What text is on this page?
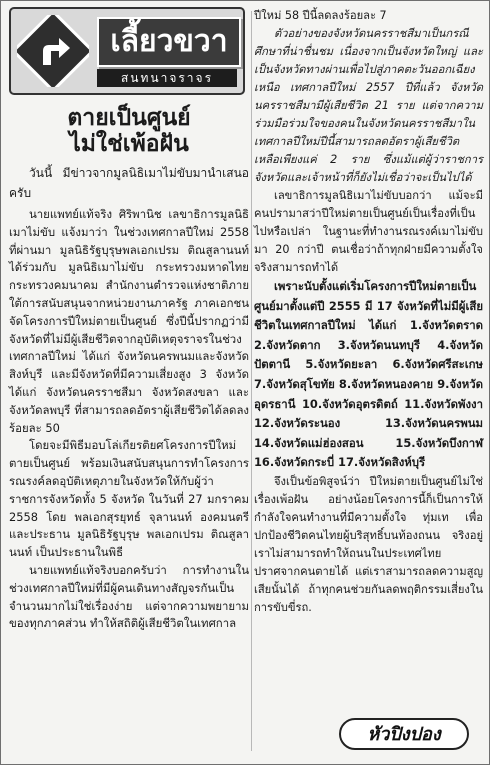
เลี้ยวขวา
สนทนาจราจร
ตายเป็นศูนย์
ไม่ใช่เพ้อฝัน

วันนี้ มีข่าวจากมูลนิธิเมาไม่ขับมานำเสนอครับ

นายแพทย์แท้จริง ศิริพานิช เลขาธิการมูลนิธิเมาไม่ขับ แจ้งมาว่า ในช่วงเทศกาลปีใหม่ 2558 ที่ผ่านมา มูลนิธิรัฐบุรุษพลเอกเปรม ติณสูลานนท์ ได้ร่วมกับ มูลนิธิเมาไม่ขับ กระทรวงมหาดไทย กระทรวงคมนาคม สำนักงานตำรวจแห่งชาติภายใต้การสนับสนุนจากหน่วยงานภาครัฐ ภาคเอกชน จัดโครงการปีใหม่ตายเป็นศูนย์ ซึ่งปีนี้ปรากฏว่ามีจังหวัดที่ไม่มีผู้เสียชีวิตจากอุบัติเหตุจราจรในช่วงเทศกาลปีใหม่ ได้แก่ จังหวัดนครพนมและจังหวัดสิงห์บุรี และมีจังหวัดที่มีความเสี่ยงสูง 3 จังหวัด ได้แก่ จังหวัดนครราชสีมา จังหวัดสงขลา และจังหวัดลพบุรี ที่สามารถลดอัตราผู้เสียชีวิตได้ลดลงร้อยละ 50

โดยจะมีพิธีมอบโล่เกียรติยศโครงการปีใหม่ตายเป็นศูนย์ พร้อมเงินสนับสนุนการทำโครงการรณรงค์ลดอุบัติเหตุภายในจังหวัดให้กับผู้ว่าราชการจังหวัดทั้ง 5 จังหวัด ในวันที่ 27 มกราคม 2558 โดย พลเอกสุรยุทธ์ จุลานนท์ องคมนตรี และประธาน มูลนิธิรัฐบุรุษ พลเอกเปรม ติณสูลานนท์ เป็นประธานในพิธี

นายแพทย์แท้จริงบอกครับว่า การทำงานในช่วงเทศกาลปีใหม่ที่มีผู้คนเดินทางสัญจรกันเป็นจำนวนมากไม่ใช่เรื่องง่าย แต่จากความพยายามของทุกภาคส่วน ทำให้สถิติผู้เสียชีวิตในเทศกาล

ปีใหม่ 58 ปีนี้ลดลงร้อยละ 7

ตัวอย่างของจังหวัดนครราชสีมาเป็นกรณีศึกษาที่น่าชื่นชม เนื่องจากเป็นจังหวัดใหญ่ และเป็นจังหวัดทางผ่านเพื่อไปสู่ภาคตะวันออกเฉียงเหนือ เทศกาลปีใหม่ 2557 ปีที่แล้ว จังหวัดนครราชสีมามีผู้เสียชีวิต 21 ราย แต่จากความร่วมมือร่วมใจของคนในจังหวัดนครราชสีมาในเทศกาลปีใหม่ปีนี้สามารถลดอัตราผู้เสียชีวิตเหลือเพียงแค่ 2 ราย ซึ่งแม้แต่ผู้ว่าราชการจังหวัดและเจ้าหน้าที่ก็ยังไม่เชื่อว่าจะเป็นไปได้

เลขาธิการมูลนิธิเมาไม่ขับบอกว่า แม้จะมีคนปรามาสว่าปีใหม่ตายเป็นศูนย์เป็นเรื่องที่เป็นไปหรือเปล่า ในฐานะที่ทำงานรณรงค์เมาไม่ขับมา 20 กว่าปี ตนเชื่อว่าถ้าทุกฝ่ายมีความตั้งใจจริงสามารถทำได้

เพราะนับตั้งแต่เริ่มโครงการปีใหม่ตายเป็นศูนย์มาตั้งแต่ปี 2555 มี 17 จังหวัดที่ไม่มีผู้เสียชีวิตในเทศกาลปีใหม่ ได้แก่ 1.จังหวัดตราด 2.จังหวัดตาก 3.จังหวัดนนทบุรี 4.จังหวัดปัตตานี 5.จังหวัดยะลา 6.จังหวัดศรีสะเกษ 7.จังหวัดสุโขทัย 8.จังหวัดหนองคาย 9.จังหวัดอุดรธานี 10.จังหวัดอุตรดิตถ์ 11.จังหวัดพังงา 12.จังหวัดระนอง 13.จังหวัดนครพนม 14.จังหวัดแม่ฮ่องสอน 15.จังหวัดบึงกาฬ 16.จังหวัดกระบี่ 17.จังหวัดสิงห์บุรี

จึงเป็นข้อพิสูจน์ว่า ปีใหม่ตายเป็นศูนย์ไม่ใช่เรื่องเพ้อฝัน อย่างน้อยโครงการนี้ก็เป็นการให้กำลังใจคนทำงานที่มีความตั้งใจ ทุ่มเท เพื่อปกป้องชีวิตคนไทยผู้บริสุทธิ์บนท้องถนน จริงอยู่เราไม่สามารถทำให้ถนนในประเทศไทยปราศจากคนตายได้ แต่เราสามารถลดความสูญเสียนั้นได้ ถ้าทุกคนช่วยกันลดพฤติกรรมเสี่ยงในการขับขี่รถ.

หัวปิงปอง
